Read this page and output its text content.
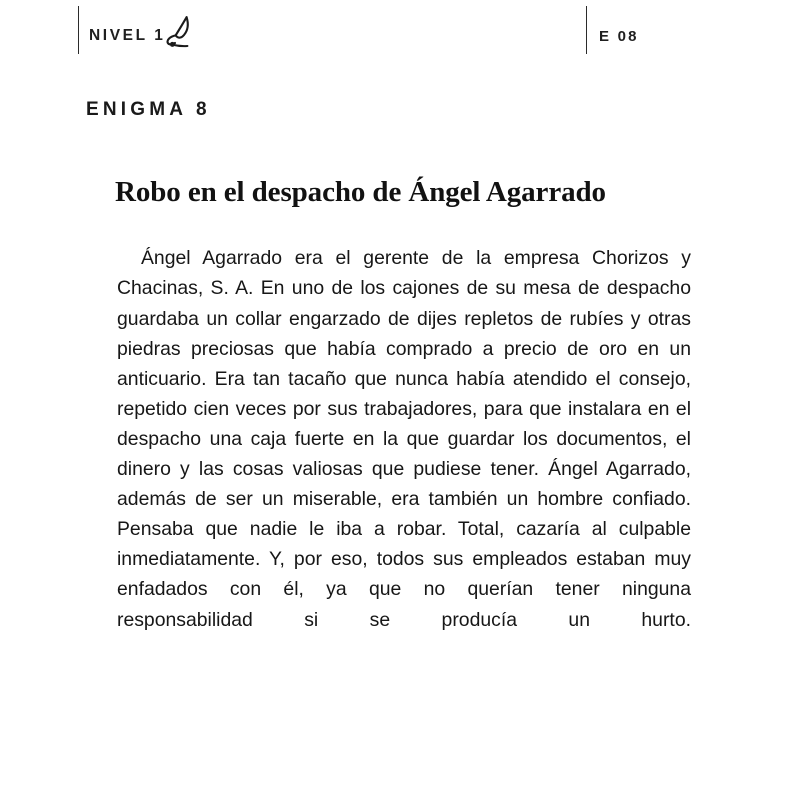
NIVEL 1	E 08
ENIGMA 8
Robo en el despacho de Ángel Agarrado

Ángel Agarrado era el gerente de la empresa Chorizos y Chacinas, S. A. En uno de los cajones de su mesa de despacho guardaba un collar engarzado de dijes repletos de rubíes y otras piedras preciosas que había comprado a precio de oro en un anticuario. Era tan tacaño que nunca había atendido el consejo, repetido cien veces por sus trabajadores, para que instalara en el despacho una caja fuerte en la que guardar los documentos, el dinero y las cosas valiosas que pudiese tener. Ángel Agarrado, además de ser un miserable, era también un hombre confiado. Pensaba que nadie le iba a robar. Total, cazaría al culpable inmediatamente. Y, por eso, todos sus empleados estaban muy enfadados con él, ya que no querían tener ninguna responsabilidad si se producía un hurto.
